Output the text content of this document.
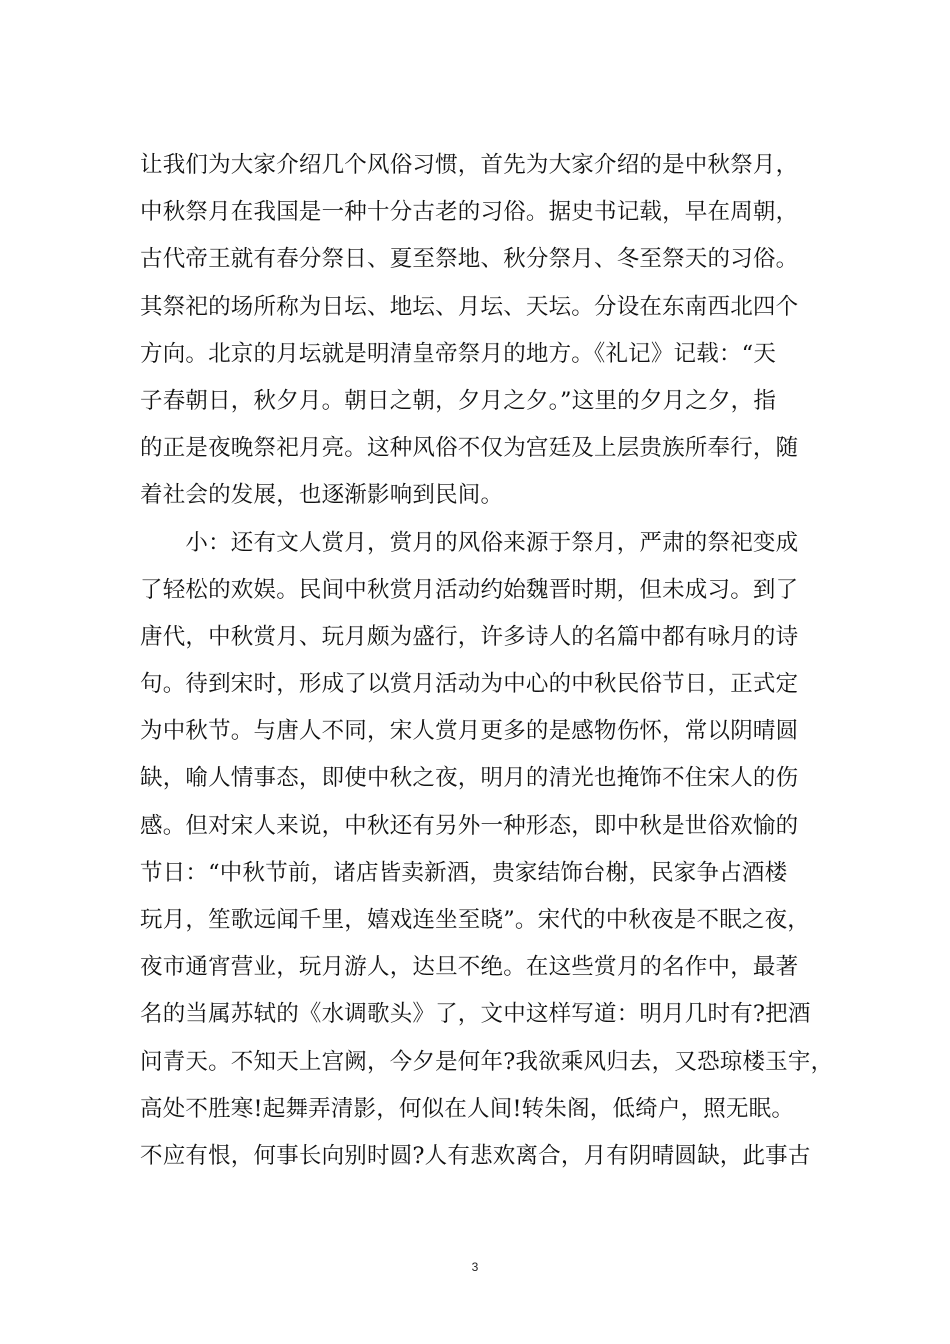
让我们为大家介绍几个风俗习惯，首先为大家介绍的是中秋祭月，
中秋祭月在我国是一种十分古老的习俗。据史书记载，早在周朝，
古代帝王就有春分祭日、夏至祭地、秋分祭月、冬至祭天的习俗。
其祭祀的场所称为日坛、地坛、月坛、天坛。分设在东南西北四个
方向。北京的月坛就是明清皇帝祭月的地方。《礼记》记载：“天
子春朝日，秋夕月。朝日之朝，夕月之夕。”这里的夕月之夕，指
的正是夜晚祭祀月亮。这种风俗不仅为宫廷及上层贵族所奉行，随
着社会的发展，也逐渐影响到民间。
　　小：还有文人赏月，赏月的风俗来源于祭月，严肃的祭祀变成
了轻松的欢娱。民间中秋赏月活动约始魏晋时期，但未成习。到了
唐代，中秋赏月、玩月颇为盛行，许多诗人的名篇中都有咏月的诗
句。待到宋时，形成了以赏月活动为中心的中秋民俗节日，正式定
为中秋节。与唐人不同，宋人赏月更多的是感物伤怀，常以阴晴圆
缺，喻人情事态，即使中秋之夜，明月的清光也掩饰不住宋人的伤
感。但对宋人来说，中秋还有另外一种形态，即中秋是世俗欢愉的
节日：“中秋节前，诸店皆卖新酒，贵家结饰台榭，民家争占酒楼
玩月，笙歌远闻千里，嬉戏连坐至晓”。宋代的中秋夜是不眠之夜，
夜市通宵营业，玩月游人，达旦不绝。在这些赏月的名作中，最著
名的当属苏轼的《水调歌头》了，文中这样写道：明月几时有?把酒
问青天。不知天上宫阙，今夕是何年?我欲乘风归去，又恐琼楼玉宇，
高处不胜寒!起舞弄清影，何似在人间!转朱阁，低绮户，照无眠。
不应有恨，何事长向别时圆?人有悲欢离合，月有阴晴圆缺，此事古
3
